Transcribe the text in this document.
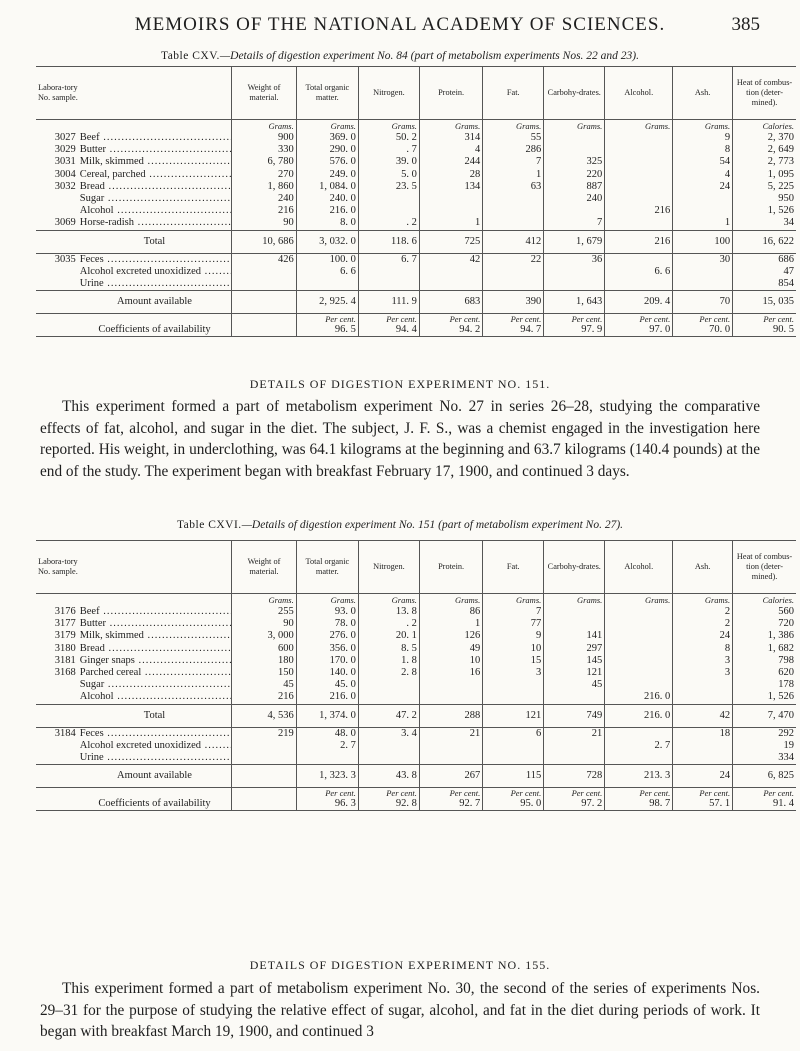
MEMOIRS OF THE NATIONAL ACADEMY OF SCIENCES.	385
Table CXV.—Details of digestion experiment No. 84 (part of metabolism experiments Nos. 22 and 23).
Labora-tory No. sample.		Weight of material.	Total organic matter.	Nitrogen.	Protein.	Fat.	Carbohy-drates.	Alcohol.	Ash.	Heat of combus-tion (deter-mined).
		Grams.	Grams.	Grams.	Grams.	Grams.	Grams.	Grams.	Grams.	Calories.
3027	Beef .....	900	369. 0	50. 2	314	55			9	2, 370
3029	Butter .....	330	290. 0	. 7	4	286			8	2, 649
3031	Milk, skimmed .....	6, 780	576. 0	39. 0	244	7	325		54	2, 773
3004	Cereal, parched .....	270	249. 0	5. 0	28	1	220		4	1, 095
3032	Bread .....	1, 860	1, 084. 0	23. 5	134	63	887		24	5, 225
	Sugar .....	240	240. 0				240			950
	Alcohol .....	216	216. 0					216		1, 526
3069	Horse-radish .....	90	8. 0	. 2	1		7		1	34
	Total	10, 686	3, 032. 0	118. 6	725	412	1, 679	216	100	16, 622
3035	Feces .....	426	100. 0	6. 7	42	22	36		30	686
	Alcohol excreted unoxidized .....		6. 6					6. 6		47
	Urine .....									854
	Amount available		2, 925. 4	111. 9	683	390	1, 643	209. 4	70	15, 035
			Per cent.	Per cent.	Per cent.	Per cent.	Per cent.	Per cent.	Per cent.	Per cent.
	Coefficients of availability		96. 5	94. 4	94. 2	94. 7	97. 9	97. 0	70. 0	90. 5
DETAILS OF DIGESTION EXPERIMENT NO. 151.

This experiment formed a part of metabolism experiment No. 27 in series 26–28, studying the comparative effects of fat, alcohol, and sugar in the diet. The subject, J. F. S., was a chemist engaged in the investigation here reported. His weight, in underclothing, was 64.1 kilograms at the beginning and 63.7 kilograms (140.4 pounds) at the end of the study. The experiment began with breakfast February 17, 1900, and continued 3 days.

Table CXVI.—Details of digestion experiment No. 151 (part of metabolism experiment No. 27).
Labora-tory No. sample.		Weight of material.	Total organic matter.	Nitrogen.	Protein.	Fat.	Carbohy-drates.	Alcohol.	Ash.	Heat of combus-tion (deter-mined).
		Grams.	Grams.	Grams.	Grams.	Grams.	Grams.	Grams.	Grams.	Calories.
3176	Beef .....	255	93. 0	13. 8	86	7			2	560
3177	Butter .....	90	78. 0	. 2	1	77			2	720
3179	Milk, skimmed .....	3, 000	276. 0	20. 1	126	9	141		24	1, 386
3180	Bread .....	600	356. 0	8. 5	49	10	297		8	1, 682
3181	Ginger snaps .....	180	170. 0	1. 8	10	15	145		3	798
3168	Parched cereal .....	150	140. 0	2. 8	16	3	121		3	620
	Sugar .....	45	45. 0				45			178
	Alcohol .....	216	216. 0					216. 0		1, 526
	Total	4, 536	1, 374. 0	47. 2	288	121	749	216. 0	42	7, 470
3184	Feces .....	219	48. 0	3. 4	21	6	21		18	292
	Alcohol excreted unoxidized .....		2. 7					2. 7		19
	Urine .....									334
	Amount available		1, 323. 3	43. 8	267	115	728	213. 3	24	6, 825
			Per cent.	Per cent.	Per cent.	Per cent.	Per cent.	Per cent.	Per cent.	Per cent.
	Coefficients of availability		96. 3	92. 8	92. 7	95. 0	97. 2	98. 7	57. 1	91. 4
DETAILS OF DIGESTION EXPERIMENT NO. 155.

This experiment formed a part of metabolism experiment No. 30, the second of the series of experiments Nos. 29–31 for the purpose of studying the relative effect of sugar, alcohol, and fat in the diet during periods of work. It began with breakfast March 19, 1900, and continued 3
